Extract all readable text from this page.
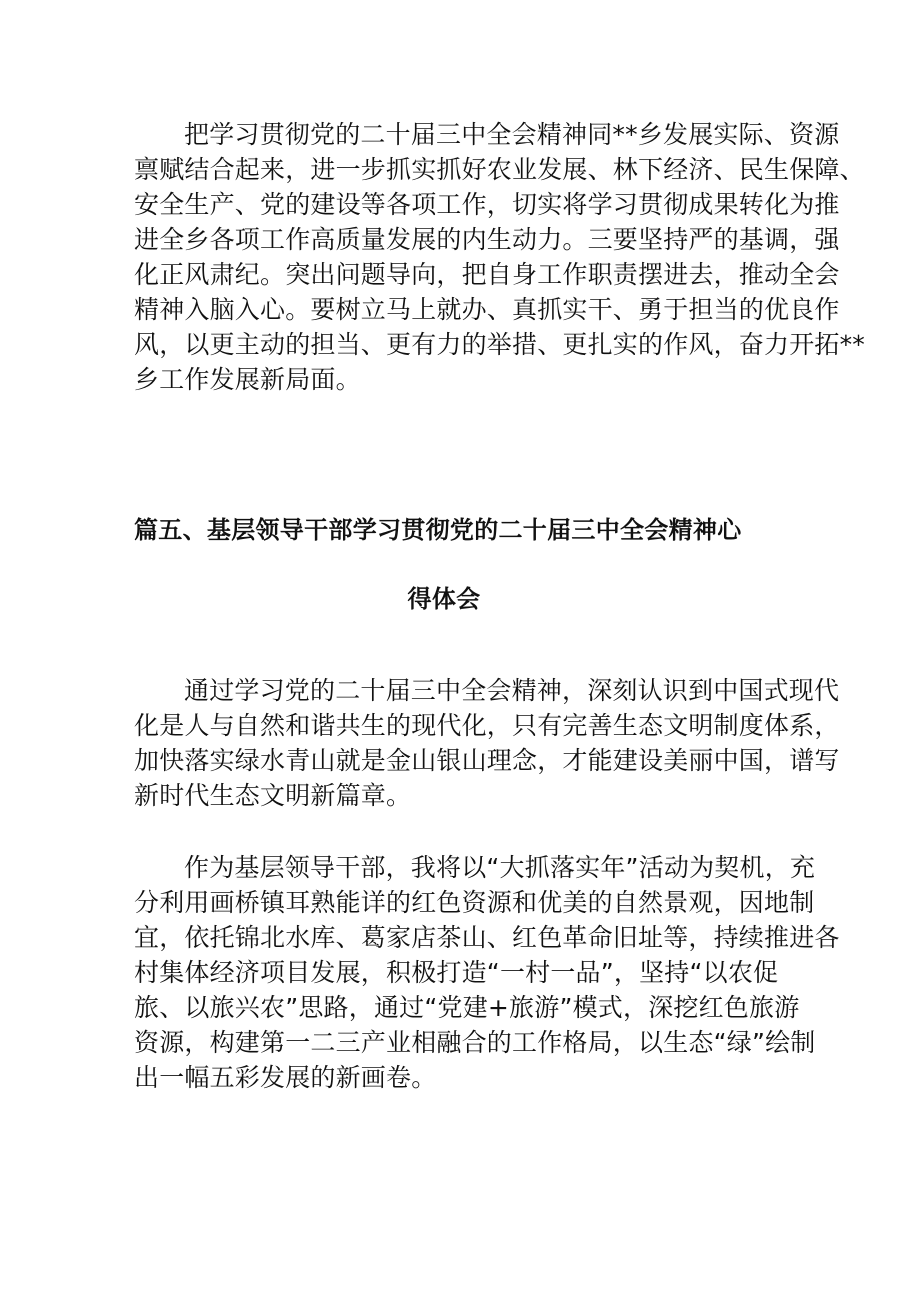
把学习贯彻党的二十届三中全会精神同**乡发展实际、资源
禀赋结合起来，进一步抓实抓好农业发展、林下经济、民生保障、
安全生产、党的建设等各项工作，切实将学习贯彻成果转化为推
进全乡各项工作高质量发展的内生动力。三要坚持严的基调，强
化正风肃纪。突出问题导向，把自身工作职责摆进去，推动全会
精神入脑入心。要树立马上就办、真抓实干、勇于担当的优良作
风，以更主动的担当、更有力的举措、更扎实的作风，奋力开拓**
乡工作发展新局面。
篇五、基层领导干部学习贯彻党的二十届三中全会精神心
得体会
通过学习党的二十届三中全会精神，深刻认识到中国式现代
化是人与自然和谐共生的现代化，只有完善生态文明制度体系，
加快落实绿水青山就是金山银山理念，才能建设美丽中国，谱写
新时代生态文明新篇章。
作为基层领导干部，我将以“大抓落实年”活动为契机，充
分利用画桥镇耳熟能详的红色资源和优美的自然景观，因地制
宜，依托锦北水库、葛家店茶山、红色革命旧址等，持续推进各
村集体经济项目发展，积极打造“一村一品”，坚持“以农促
旅、以旅兴农”思路，通过“党建+旅游”模式，深挖红色旅游
资源，构建第一二三产业相融合的工作格局，以生态“绿”绘制
出一幅五彩发展的新画卷。
